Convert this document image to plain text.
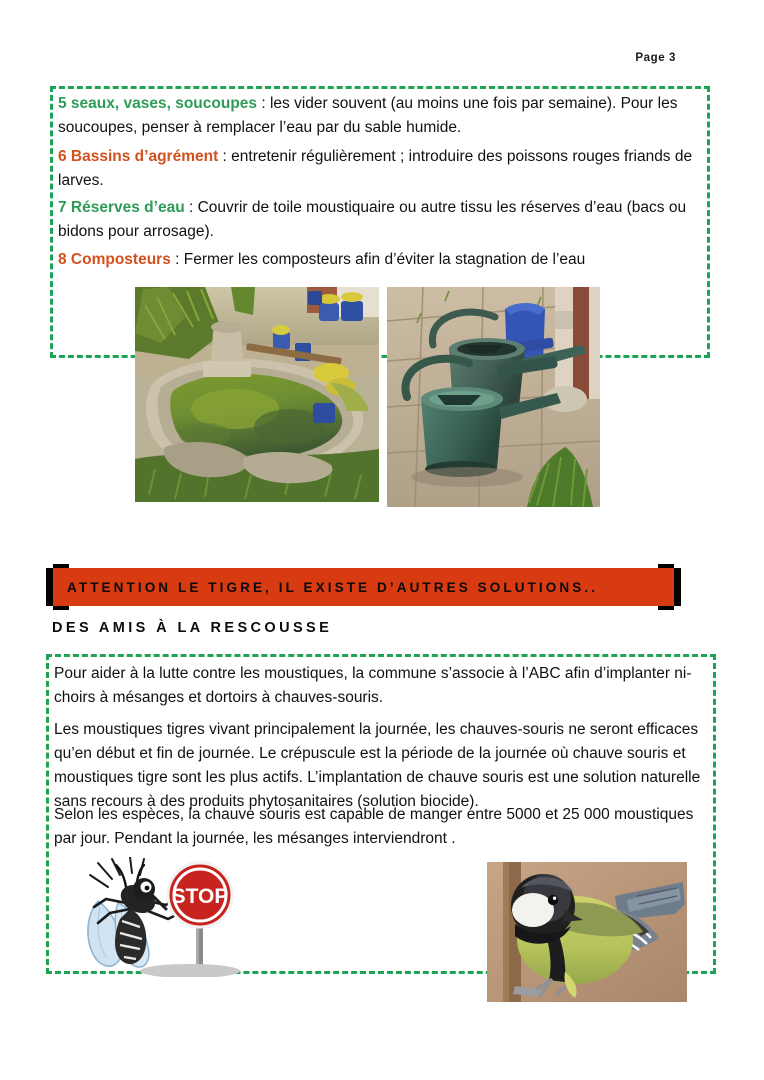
Page 3
5 seaux, vases, soucoupes : les vider souvent (au moins une fois par semaine). Pour les soucoupes, penser à remplacer l’eau par du sable humide.
6 Bassins d’agrément : entretenir régulièrement ; introduire des poissons rouges friands de larves.
7 Réserves d’eau : Couvrir de toile moustiquaire ou autre tissu les réserves d’eau (bacs ou bidons pour arrosage).
8 Composteurs : Fermer les composteurs afin d’éviter la stagnation de l’eau
ATTENTION LE TIGRE, IL EXISTE D’AUTRES SOLUTIONS..
DES AMIS À LA RESCOUSSE
Pour aider à la lutte contre les moustiques, la commune s’associe à l’ABC afin d’implanter ni-choirs à mésanges et dortoirs à chauves-souris.
Les moustiques tigres vivant principalement la journée, les chauves-souris ne seront efficaces qu’en début et fin de journée. Le crépuscule est la période de la journée où chauve souris et moustiques tigre sont les plus actifs. L’implantation de chauve souris est une solution naturelle sans recours à des produits phytosanitaires (solution biocide).
Selon les espèces, la chauve souris est capable de manger entre 5000 et 25 000 moustiques par jour. Pendant la journée, les mésanges interviendront .
STOP
